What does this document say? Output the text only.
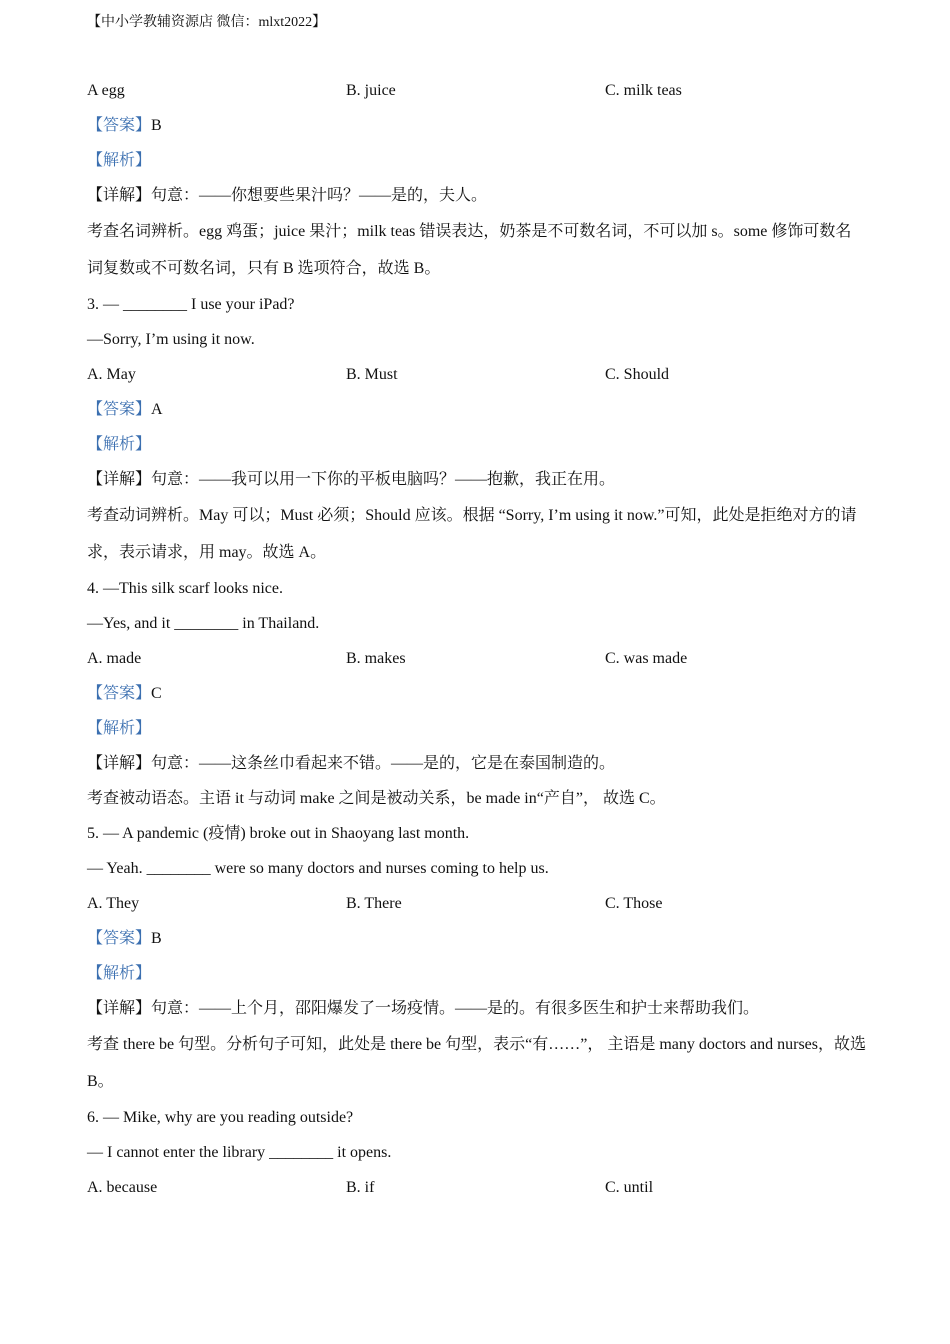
【中小学教辅资源店 微信：mlxt2022】
A egg	B. juice	C. milk teas
【答案】B
【解析】
【详解】句意：——你想要些果汁吗？——是的，夫人。
考查名词辨析。egg 鸡蛋；juice 果汁；milk teas 错误表达，奶茶是不可数名词，不可以加 s。some 修饰可数名词复数或不可数名词，只有 B 选项符合，故选 B。
3. — ________ I use your iPad?
—Sorry, I’m using it now.
A. May	B. Must	C. Should
【答案】A
【解析】
【详解】句意：——我可以用一下你的平板电脑吗？——抱歉，我正在用。
考查动词辨析。May 可以；Must 必须；Should 应该。根据 “Sorry, I’m using it now.”可知，此处是拒绝对方的请求，表示请求，用 may。故选 A。
4. —This silk scarf looks nice.
—Yes, and it ________ in Thailand.
A. made	B. makes	C. was made
【答案】C
【解析】
【详解】句意：——这条丝巾看起来不错。——是的，它是在泰国制造的。
考查被动语态。主语 it 与动词 make 之间是被动关系，be made in“产自”， 故选 C。
5. — A pandemic (疫情) broke out in Shaoyang last month.
— Yeah. ________ were so many doctors and nurses coming to help us.
A. They	B. There	C. Those
【答案】B
【解析】
【详解】句意：——上个月，邵阳爆发了一场疫情。——是的。有很多医生和护士来帮助我们。
考查 there be 句型。分析句子可知，此处是 there be 句型，表示“有……”， 主语是 many doctors and nurses，故选 B。
6. — Mike, why are you reading outside?
— I cannot enter the library ________ it opens.
A. because	B. if	C. until
